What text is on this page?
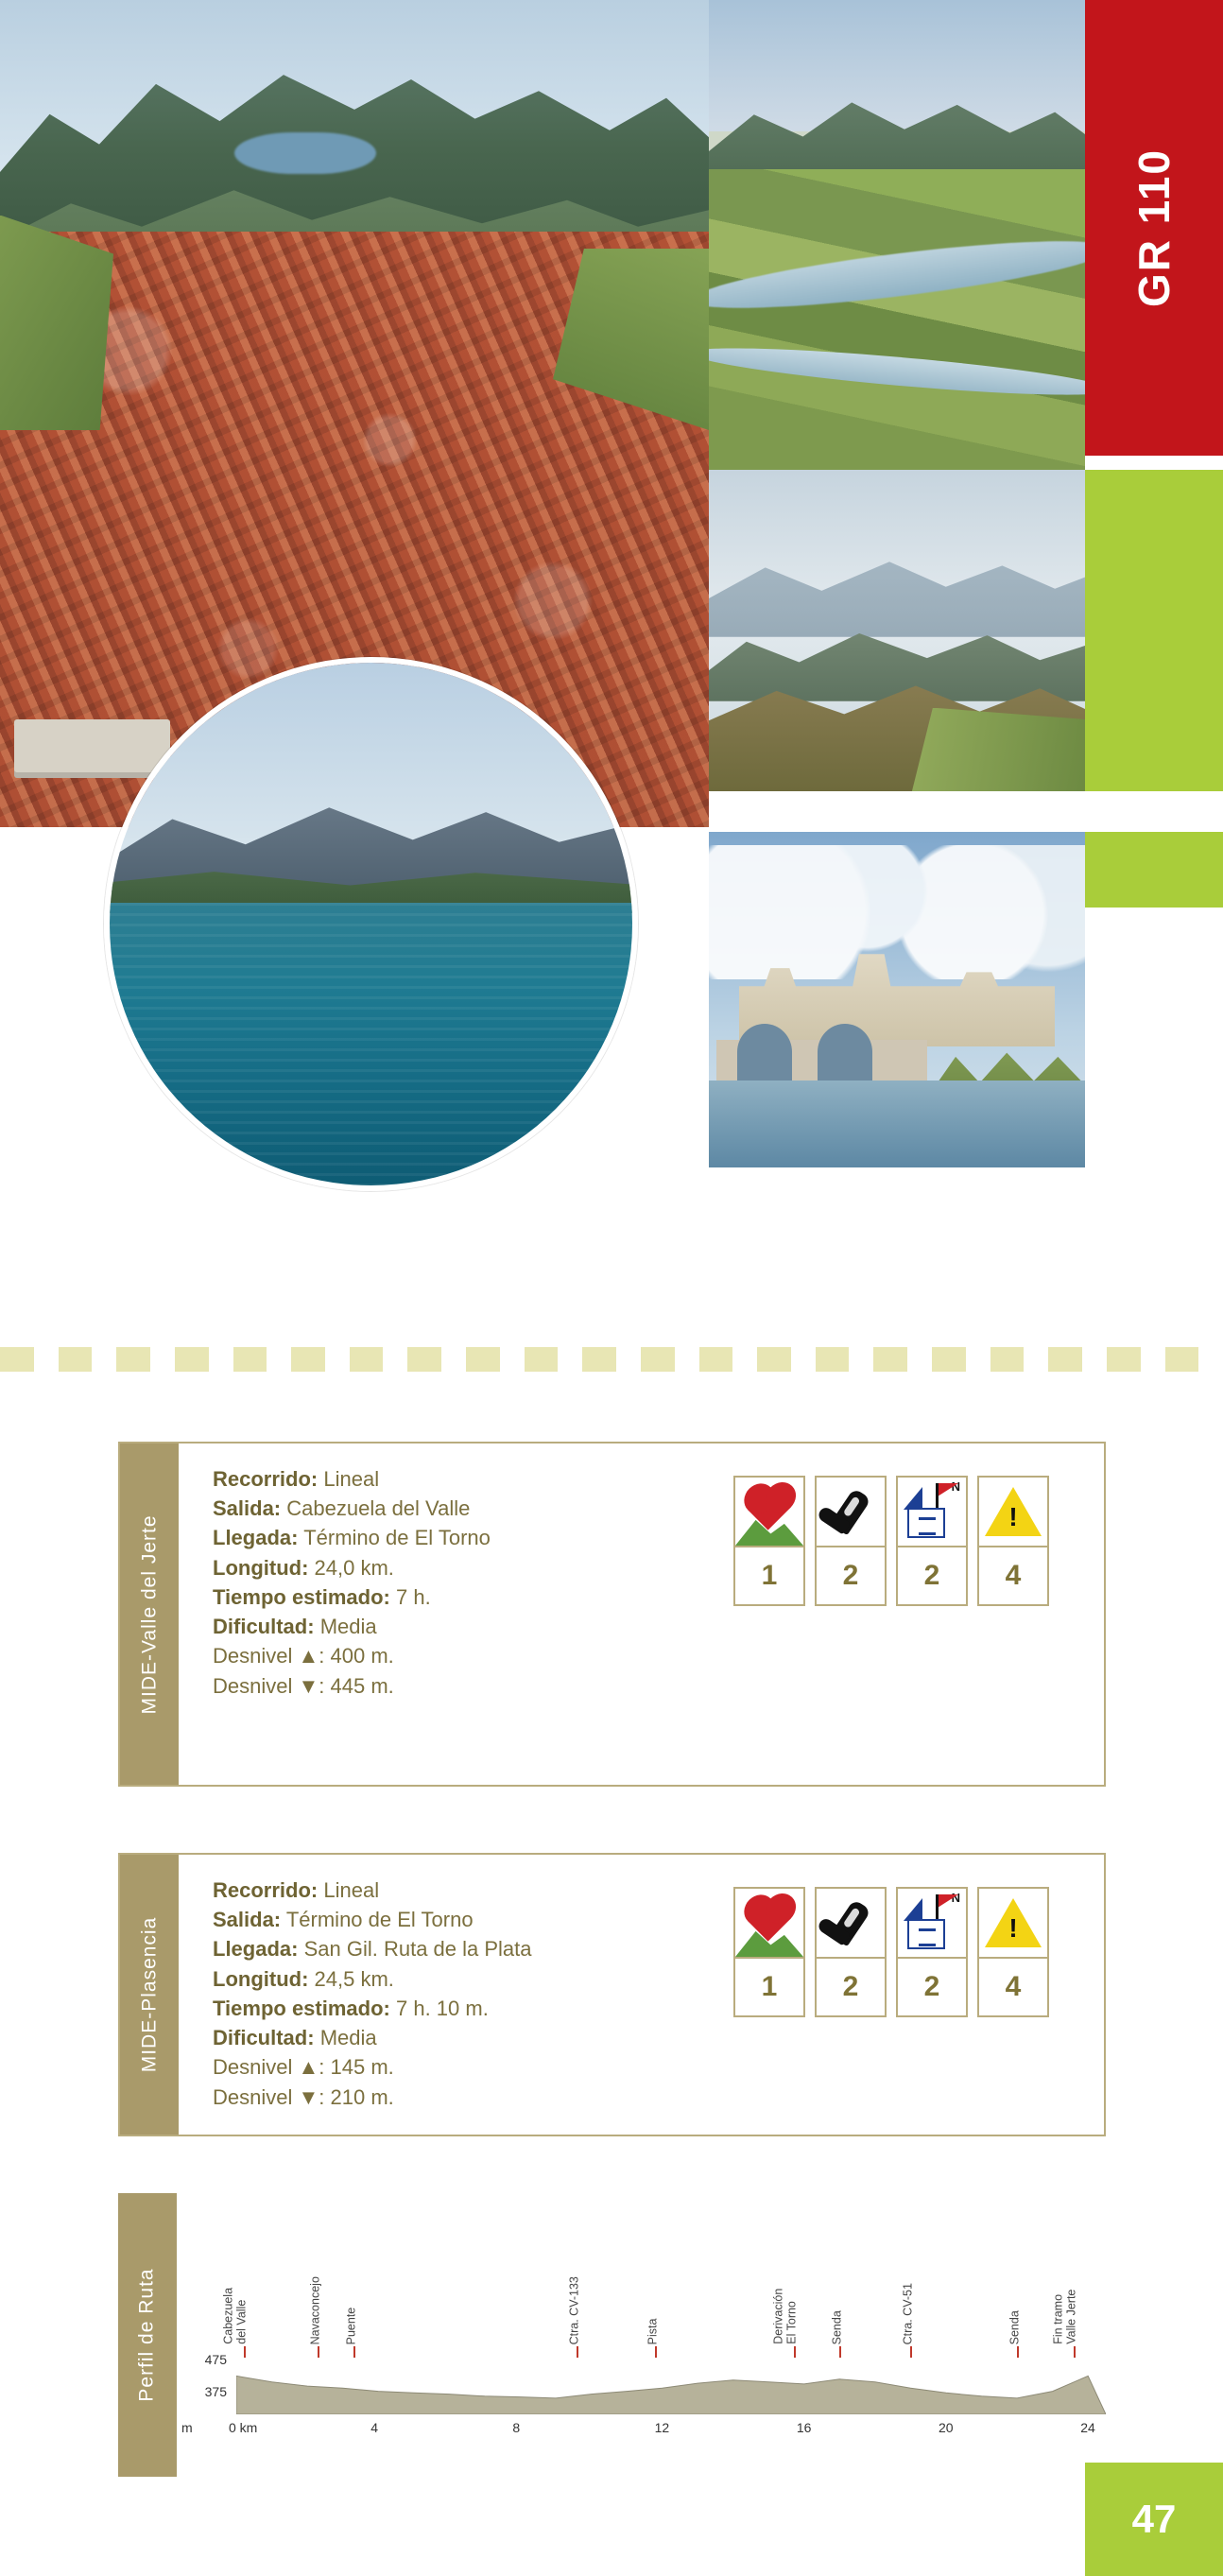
GR 110
MIDE-Valle del Jerte
Recorrido: Lineal
Salida: Cabezuela del Valle
Llegada: Término de El Torno
Longitud: 24,0 km.
Tiempo estimado: 7 h.
Dificultad: Media
Desnivel ▲: 400 m.
Desnivel ▼: 445 m.
1	2
N
2
!	4
MIDE-Plasencia
Recorrido: Lineal
Salida: Término de El Torno
Llegada: San Gil. Ruta de la Plata
Longitud: 24,5 km.
Tiempo estimado: 7 h. 10 m.
Dificultad: Media
Desnivel ▲: 145 m.
Desnivel ▼: 210 m.
1	2
N
2
!	4
Perfil de Ruta	Cabezuela del Valle	Navaconcejo Puente	Ctra. CV-133	Pista	Derivación El Torno	Senda	Ctra. CV-51	Senda	Fin tramo Valle Jerte
475
375
m	0 km	4	8	12	16	20	24
47
